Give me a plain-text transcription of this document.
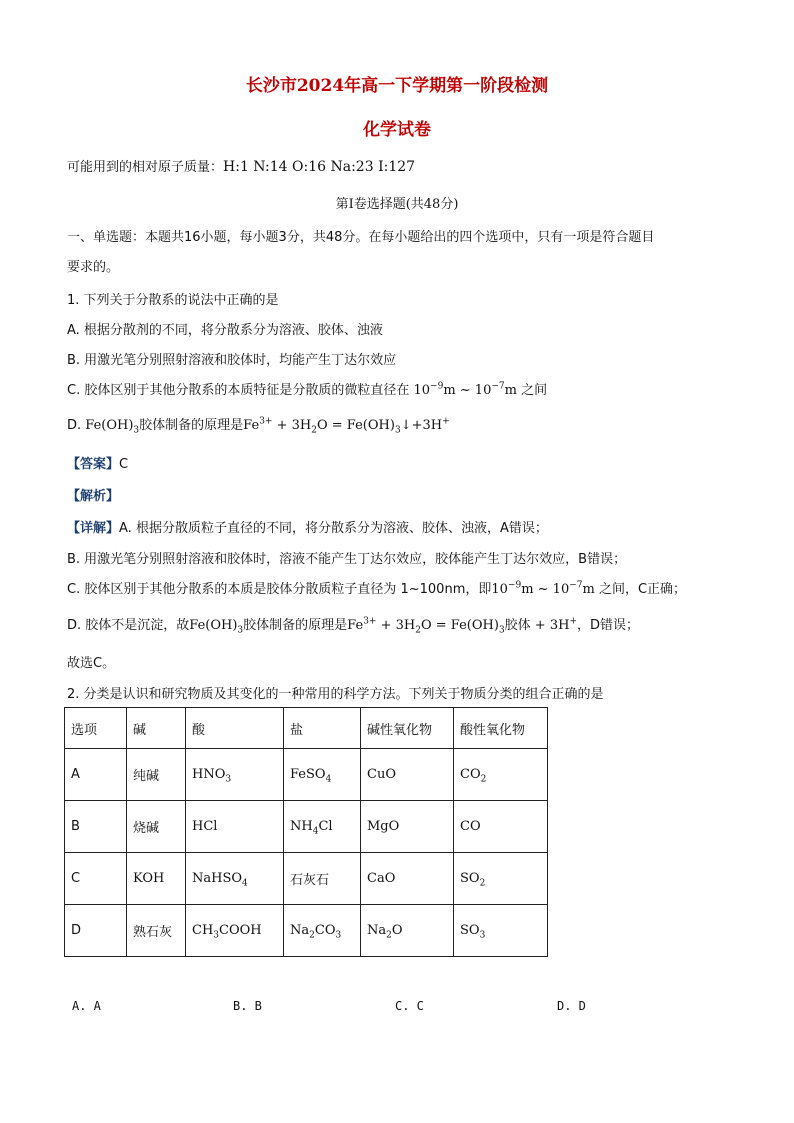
长沙市2024年高一下学期第一阶段检测
化学试卷
可能用到的相对原子质量：H:1 N:14 O:16 Na:23 I:127
第Ⅰ卷选择题(共48分)
一、单选题：本题共16小题，每小题3分，共48分。在每小题给出的四个选项中，只有一项是符合题目
要求的。
1. 下列关于分散系的说法中正确的是
A. 根据分散剂的不同，将分散系分为溶液、胶体、浊液
B. 用激光笔分别照射溶液和胶体时，均能产生丁达尔效应
C. 胶体区别于其他分散系的本质特征是分散质的微粒直径在 $10^{-9}m$ ~ $10^{-7}m$ 之间
D. $Fe(OH)_3$胶体制备的原理是$Fe^{3+} + 3H_2O$ = $Fe(OH)_3↓+3H^+$
【答案】C
【解析】
【详解】A. 根据分散质粒子直径的不同，将分散系分为溶液、胶体、浊液，A错误；
B. 用激光笔分别照射溶液和胶体时，溶液不能产生丁达尔效应，胶体能产生丁达尔效应，B错误；
C. 胶体区别于其他分散系的本质是胶体分散质粒子直径为 1~100nm，即$10^{-9}m$ ~ $10^{-7}m$ 之间，C正确；
D. 胶体不是沉淀，故$Fe(OH)_3$胶体制备的原理是$Fe^{3+} + 3H_2O = Fe(OH)_3$胶体 + 3H+，D错误；
故选C。
2. 分类是认识和研究物质及其变化的一种常用的科学方法。下列关于物质分类的组合正确的是
选项	碱	酸	盐	碱性氧化物	酸性氧化物
A	纯碱	$HNO_3$	FeSO$_4$	CuO	$CO_2$
B	烧碱	HCl	$NH_4Cl$	MgO	CO
C	KOH	NaHSO$_4$	石灰石	CaO	$SO_2$
D	熟石灰	$CH_3COOH$	$Na_2CO_3$	$Na_2O$	$SO_3$
A. A	B. B	C. C	D. D
